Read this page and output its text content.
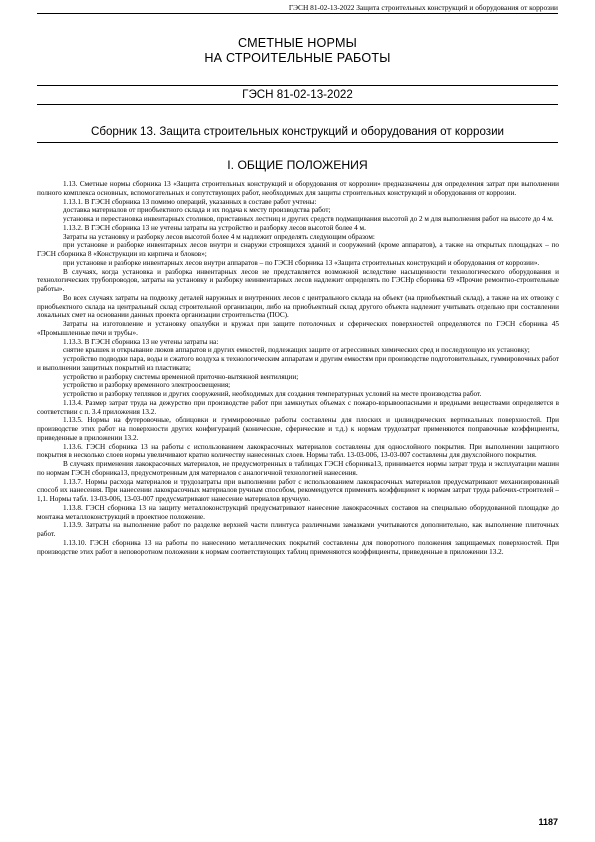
ГЭСН 81-02-13-2022 Защита строительных конструкций и оборудования от коррозии
СМЕТНЫЕ НОРМЫ
НА СТРОИТЕЛЬНЫЕ РАБОТЫ
ГЭСН 81-02-13-2022
Сборник 13. Защита строительных конструкций и оборудования от коррозии
I. ОБЩИЕ ПОЛОЖЕНИЯ

1.13. Сметные нормы сборника 13 «Защита строительных конструкций и оборудования от коррозии» предназначены для определения затрат при выполнении полного комплекса основных, вспомогательных и сопутствующих работ, необходимых для защиты строительных конструкций и оборудования от коррозии.

1.13.1. В ГЭСН сборника 13 помимо операций, указанных в составе работ учтены:

доставка материалов от приобъектного склада и их подача к месту производства работ;

установка и перестановка инвентарных столиков, приставных лестниц и других средств подмащивания высотой до 2 м для выполнения работ на высоте до 4 м.

1.13.2. В ГЭСН сборника 13 не учтены затраты на устройство и разборку лесов высотой более 4 м.

Затраты на установку и разборку лесов высотой более 4 м надлежит определять следующим образом:

при установке и разборке инвентарных лесов внутри и снаружи строящихся зданий и сооружений (кроме аппаратов), а также на открытых площадках – по ГЭСН сборника 8 «Конструкции из кирпича и блоков»;

при установке и разборке инвентарных лесов внутри аппаратов – по ГЭСН сборника 13 «Защита строительных конструкций и оборудования от коррозии».

В случаях, когда установка и разборка инвентарных лесов не представляется возможной вследствие насыщенности технологического оборудования и технологических трубопроводов, затраты на установку и разборку неинвентарных лесов надлежит определять по ГЭСНр сборника 69 «Прочие ремонтно-строительные работы».

Во всех случаях затраты на подвозку деталей наружных и внутренних лесов с центрального склада на объект (на приобъектный склад), а также на их отвозку с приобъектного склада на центральный склад строительной организации, либо на приобъектный склад другого объекта надлежит учитывать отдельно при составлении локальных смет на основании данных проекта организации строительства (ПОС).

Затраты на изготовление и установку опалубки и кружал при защите потолочных и сферических поверхностей определяются по ГЭСН сборника 45 «Промышленные печи и трубы».

1.13.3. В ГЭСН сборника 13 не учтены затраты на:

снятие крышек и открывание люков аппаратов и других емкостей, подлежащих защите от агрессивных химических сред и последующую их установку;

устройство подводки пара, воды и сжатого воздуха к технологическим аппаратам и другим емкостям при производстве подготовительных, гуммировочных работ и выполнении защитных покрытий из пластиката;

устройство и разборку системы временной приточно-вытяжной вентиляции;

устройство и разборку временного электроосвещения;

устройство и разборку тепляков и других сооружений, необходимых для создания температурных условий на месте производства работ.

1.13.4. Размер затрат труда на дежурство при производстве работ при замкнутых объемах с пожаро-взрывоопасными и вредными веществами определяется в соответствии с п. 3.4 приложения 13.2.

1.13.5. Нормы на футеровочные, облицовки и гуммировочные работы составлены для плоских и цилиндрических вертикальных поверхностей. При производстве этих работ на поверхности других конфигураций (конические, сферические и т.д.) к нормам трудозатрат применяются поправочные коэффициенты, приведенные в приложении 13.2.

1.13.6. ГЭСН сборника 13 на работы с использованием лакокрасочных материалов составлены для однослойного покрытия. При выполнении защитного покрытия в несколько слоев нормы увеличивают кратно количеству нанесенных слоев. Нормы табл. 13-03-006, 13-03-007 составлены для двухслойного покрытия.

В случаях применения лакокрасочных материалов, не предусмотренных в таблицах ГЭСН сборника13, принимается нормы затрат труда и эксплуатации машин по нормам ГЭСН сборника13, предусмотренным для материалов с аналогичной технологией нанесения.

1.13.7. Нормы расхода материалов и трудозатраты при выполнении работ с использованием лакокрасочных материалов предусматривают механизированный способ их нанесения. При нанесении лакокрасочных материалов ручным способом, рекомендуется применять коэффициент к нормам затрат труда рабочих-строителей – 1,1. Нормы табл. 13-03-006, 13-03-007 предусматривают нанесение материалов вручную.

1.13.8. ГЭСН сборника 13 на защиту металлоконструкций предусматривают нанесение лакокрасочных составов на специально оборудованной площадке до монтажа металлоконструкций в проектное положение.

1.13.9. Затраты на выполнение работ по разделке верхней части плинтуса различными замазками учитываются дополнительно, как выполнение плиточных работ.

1.13.10. ГЭСН сборника 13 на работы по нанесению металлических покрытий составлены для поворотного положения защищаемых поверхностей. При производстве этих работ в неповоротном положении к нормам соответствующих таблиц применяются коэффициенты, приведенные в приложении 13.2.

1187
